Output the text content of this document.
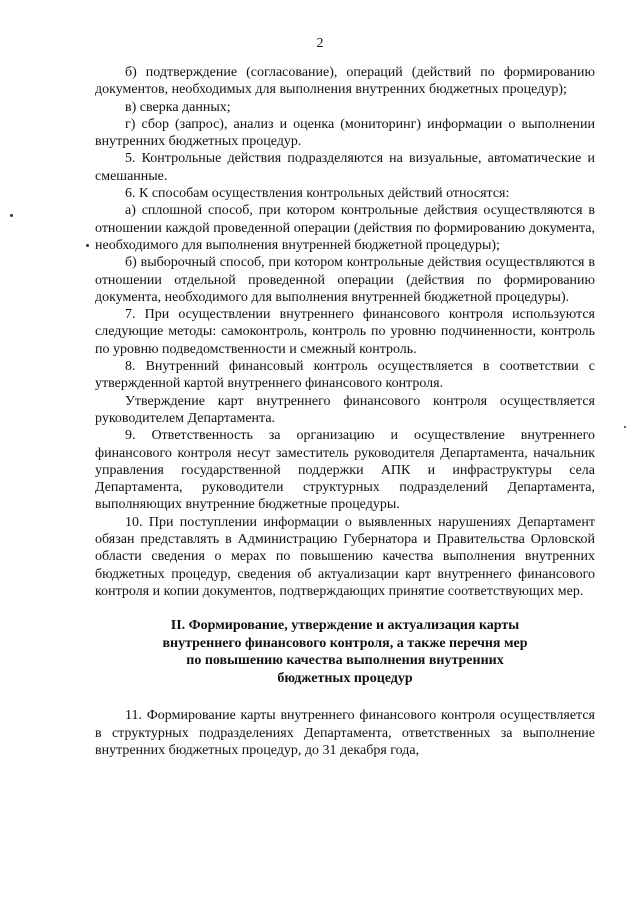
2

б) подтверждение (согласование), операций (действий по формированию документов, необходимых для выполнения внутренних бюджетных процедур);

в) сверка данных;

г) сбор (запрос), анализ и оценка (мониторинг) информации о выполнении внутренних бюджетных процедур.

5. Контрольные действия подразделяются на визуальные, автоматические и смешанные.

6. К способам осуществления контрольных действий относятся:

а) сплошной способ, при котором контрольные действия осуществляются в отношении каждой проведенной операции (действия по формированию документа, необходимого для выполнения внутренней бюджетной процедуры);

б) выборочный способ, при котором контрольные действия осуществляются в отношении отдельной проведенной операции (действия по формированию документа, необходимого для выполнения внутренней бюджетной процедуры).

7. При осуществлении внутреннего финансового контроля используются следующие методы: самоконтроль, контроль по уровню подчиненности, контроль по уровню подведомственности и смежный контроль.

8. Внутренний финансовый контроль осуществляется в соответствии с утвержденной картой внутреннего финансового контроля.

Утверждение карт внутреннего финансового контроля осуществляется руководителем Департамента.

9. Ответственность за организацию и осуществление внутреннего финансового контроля несут заместитель руководителя Департамента, начальник управления государственной поддержки АПК и инфраструктуры села Департамента, руководители структурных подразделений Департамента, выполняющих внутренние бюджетные процедуры.

10. При поступлении информации о выявленных нарушениях Департамент обязан представлять в Администрацию Губернатора и Правительства Орловской области сведения о мерах по повышению качества выполнения внутренних бюджетных процедур, сведения об актуализации карт внутреннего финансового контроля и копии документов, подтверждающих принятие соответствующих мер.

II. Формирование, утверждение и актуализация карты
внутреннего финансового контроля, а также перечня мер
по повышению качества выполнения внутренних
бюджетных процедур

11. Формирование карты внутреннего финансового контроля осуществляется в структурных подразделениях Департамента, ответственных за выполнение внутренних бюджетных процедур, до 31 декабря года,
